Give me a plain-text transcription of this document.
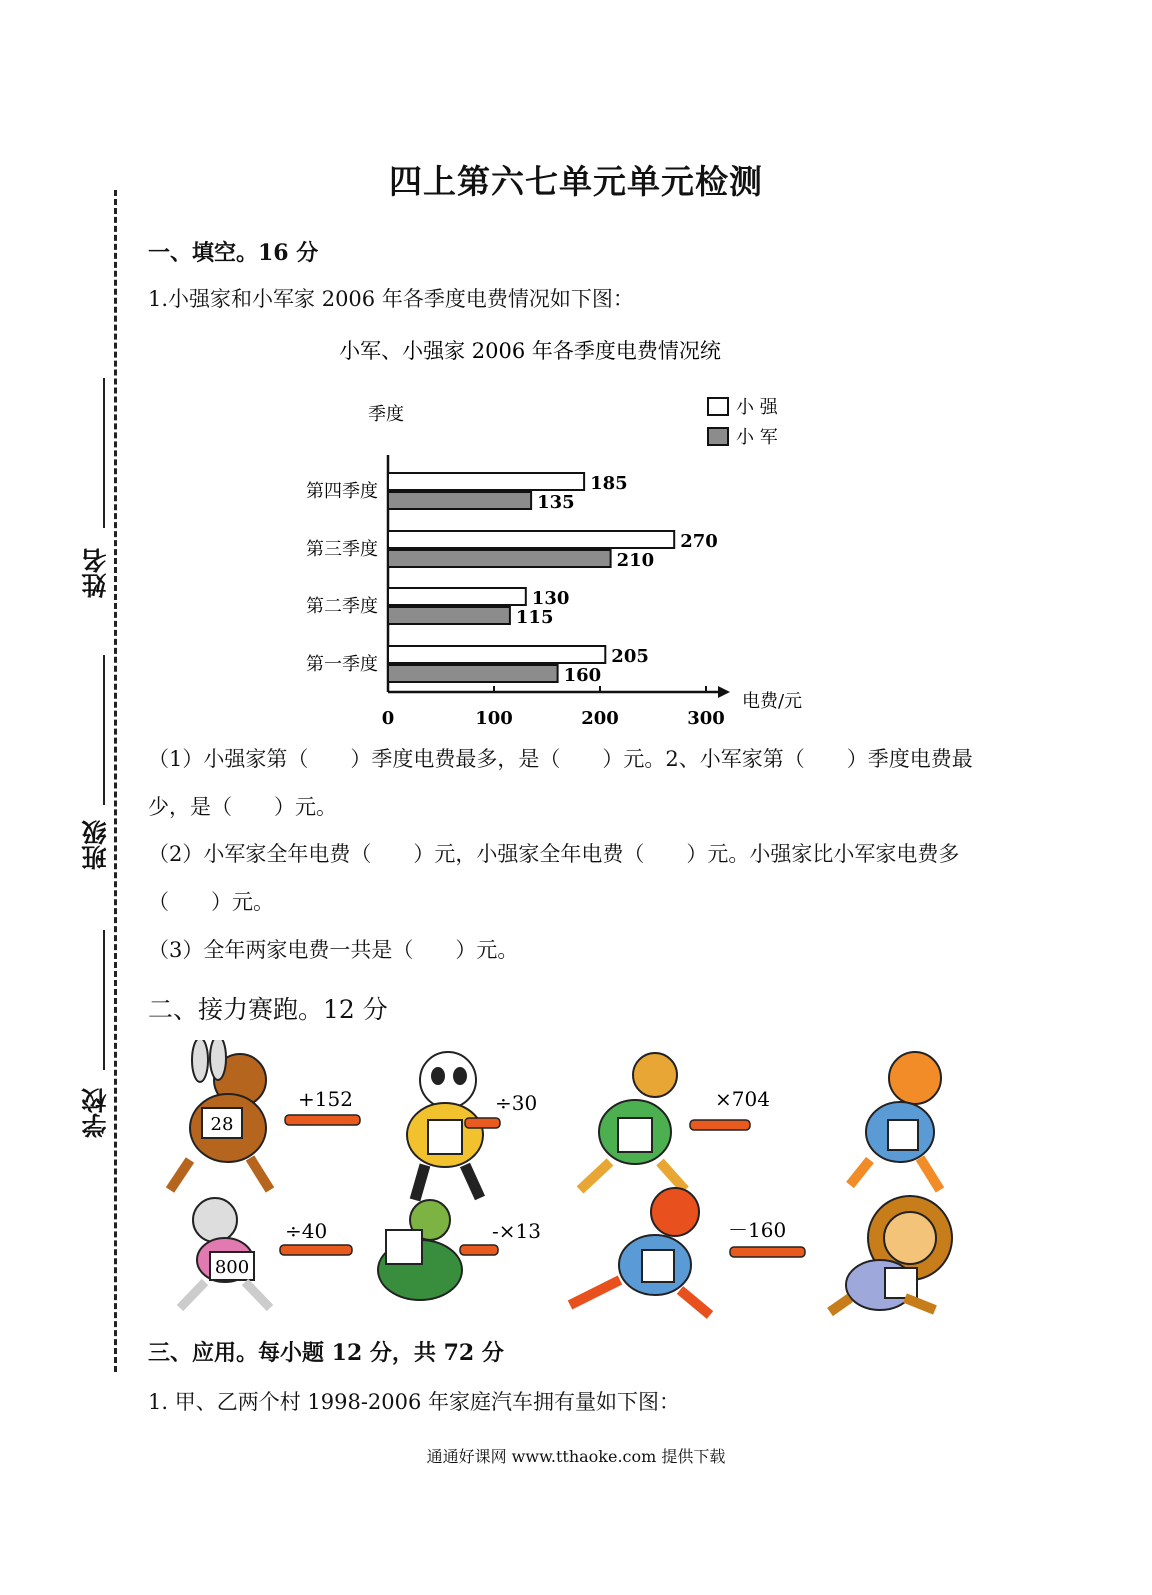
姓名
班级
学校
四上第六七单元单元检测
一、填空。16 分
1.小强家和小军家 2006 年各季度电费情况如下图：
小军、小强家 2006 年各季度电费情况统
季度
电费/元
小 强
小 军
205
160
130
115
270
210
185
135
第一季度
第二季度
第三季度
第四季度
0	100	200	300
（1）小强家第（　　）季度电费最多，是（　　）元。2、小军家第（　　）季度电费最少，是（　　）元。
（2）小军家全年电费（　　）元，小强家全年电费（　　）元。小强家比小军家电费多（　　）元。
（3）全年两家电费一共是（　　）元。
二、接力赛跑。12 分
28
+152	÷30	×704
800
÷40	-×13	－160
三、应用。每小题 12 分，共 72 分
1. 甲、乙两个村 1998-2006 年家庭汽车拥有量如下图：
通通好课网 www.tthaoke.com 提供下载
